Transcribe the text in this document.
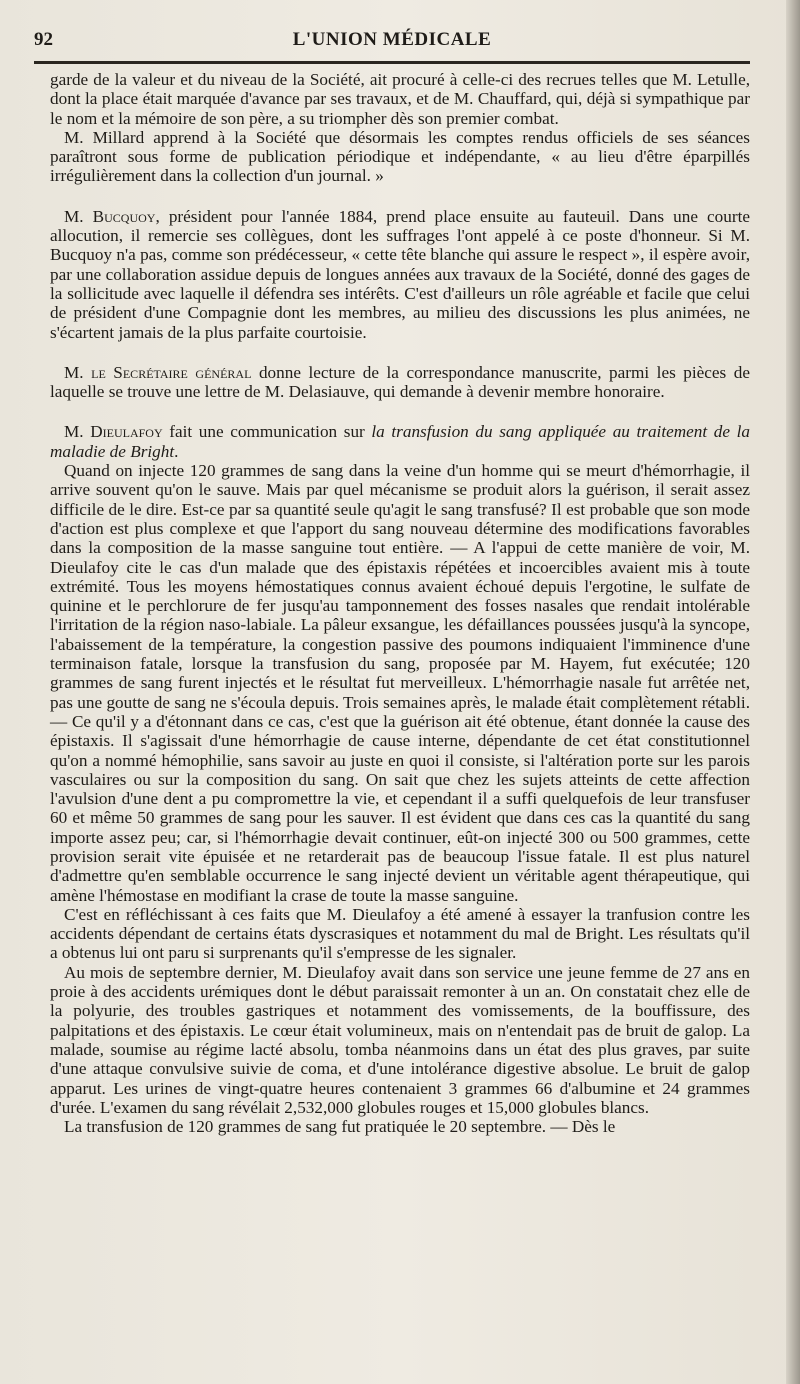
92	L'UNION MÉDICALE

garde de la valeur et du niveau de la Société, ait procuré à celle-ci des recrues telles que M. Letulle, dont la place était marquée d'avance par ses travaux, et de M. Chauffard, qui, déjà si sympathique par le nom et la mémoire de son père, a su triompher dès son premier combat.

M. Millard apprend à la Société que désormais les comptes rendus officiels de ses séances paraîtront sous forme de publication périodique et indépendante, « au lieu d'être éparpillés irrégulièrement dans la collection d'un journal. »

M. Bucquoy, président pour l'année 1884, prend place ensuite au fauteuil. Dans une courte allocution, il remercie ses collègues, dont les suffrages l'ont appelé à ce poste d'honneur. Si M. Bucquoy n'a pas, comme son prédécesseur, « cette tête blanche qui assure le respect », il espère avoir, par une collaboration assidue depuis de longues années aux travaux de la Société, donné des gages de la sollicitude avec laquelle il défendra ses intérêts. C'est d'ailleurs un rôle agréable et facile que celui de président d'une Compagnie dont les membres, au milieu des discussions les plus animées, ne s'écartent jamais de la plus parfaite courtoisie.

M. le Secrétaire général donne lecture de la correspondance manuscrite, parmi les pièces de laquelle se trouve une lettre de M. Delasiauve, qui demande à devenir membre honoraire.

M. Dieulafoy fait une communication sur la transfusion du sang appliquée au traitement de la maladie de Bright.

Quand on injecte 120 grammes de sang dans la veine d'un homme qui se meurt d'hémorrhagie, il arrive souvent qu'on le sauve. Mais par quel mécanisme se produit alors la guérison, il serait assez difficile de le dire. Est-ce par sa quantité seule qu'agit le sang transfusé? Il est probable que son mode d'action est plus complexe et que l'apport du sang nouveau détermine des modifications favorables dans la composition de la masse sanguine tout entière. — A l'appui de cette manière de voir, M. Dieulafoy cite le cas d'un malade que des épistaxis répétées et incoercibles avaient mis à toute extrémité. Tous les moyens hémostatiques connus avaient échoué depuis l'ergotine, le sulfate de quinine et le perchlorure de fer jusqu'au tamponnement des fosses nasales que rendait intolérable l'irritation de la région naso-labiale. La pâleur exsangue, les défaillances poussées jusqu'à la syncope, l'abaissement de la température, la congestion passive des poumons indiquaient l'imminence d'une terminaison fatale, lorsque la transfusion du sang, proposée par M. Hayem, fut exécutée; 120 grammes de sang furent injectés et le résultat fut merveilleux. L'hémorrhagie nasale fut arrêtée net, pas une goutte de sang ne s'écoula depuis. Trois semaines après, le malade était complètement rétabli. — Ce qu'il y a d'étonnant dans ce cas, c'est que la guérison ait été obtenue, étant donnée la cause des épistaxis. Il s'agissait d'une hémorrhagie de cause interne, dépendante de cet état constitutionnel qu'on a nommé hémophilie, sans savoir au juste en quoi il consiste, si l'altération porte sur les parois vasculaires ou sur la composition du sang. On sait que chez les sujets atteints de cette affection l'avulsion d'une dent a pu compromettre la vie, et cependant il a suffi quelquefois de leur transfuser 60 et même 50 grammes de sang pour les sauver. Il est évident que dans ces cas la quantité du sang importe assez peu; car, si l'hémorrhagie devait continuer, eût-on injecté 300 ou 500 grammes, cette provision serait vite épuisée et ne retarderait pas de beaucoup l'issue fatale. Il est plus naturel d'admettre qu'en semblable occurrence le sang injecté devient un véritable agent thérapeutique, qui amène l'hémostase en modifiant la crase de toute la masse sanguine.

C'est en réfléchissant à ces faits que M. Dieulafoy a été amené à essayer la tranfusion contre les accidents dépendant de certains états dyscrasiques et notamment du mal de Bright. Les résultats qu'il a obtenus lui ont paru si surprenants qu'il s'empresse de les signaler.

Au mois de septembre dernier, M. Dieulafoy avait dans son service une jeune femme de 27 ans en proie à des accidents urémiques dont le début paraissait remonter à un an. On constatait chez elle de la polyurie, des troubles gastriques et notamment des vomissements, de la bouffissure, des palpitations et des épistaxis. Le cœur était volumineux, mais on n'entendait pas de bruit de galop. La malade, soumise au régime lacté absolu, tomba néanmoins dans un état des plus graves, par suite d'une attaque convulsive suivie de coma, et d'une intolérance digestive absolue. Le bruit de galop apparut. Les urines de vingt-quatre heures contenaient 3 grammes 66 d'albumine et 24 grammes d'urée. L'examen du sang révélait 2,532,000 globules rouges et 15,000 globules blancs.

La transfusion de 120 grammes de sang fut pratiquée le 20 septembre. — Dès le
